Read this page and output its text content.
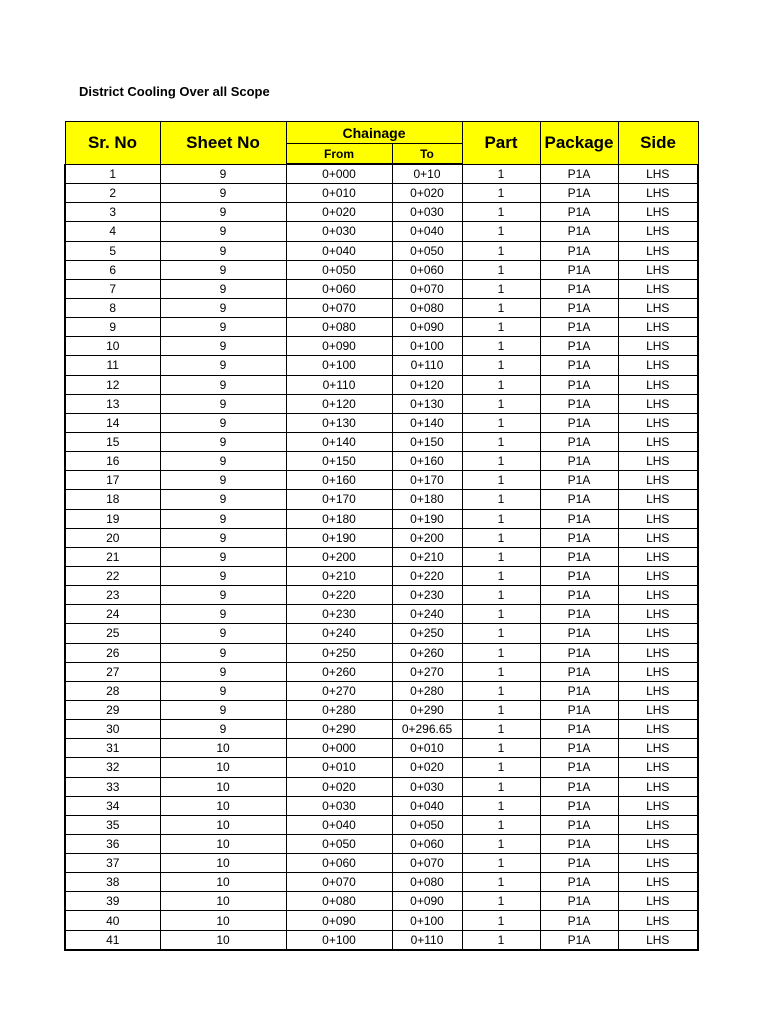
District Cooling Over all Scope
Sr. No	Sheet No	Chainage		Part	Package	Side
		From	To			
1	9	0+000	0+10	1	P1A	LHS
2	9	0+010	0+020	1	P1A	LHS
3	9	0+020	0+030	1	P1A	LHS
4	9	0+030	0+040	1	P1A	LHS
5	9	0+040	0+050	1	P1A	LHS
6	9	0+050	0+060	1	P1A	LHS
7	9	0+060	0+070	1	P1A	LHS
8	9	0+070	0+080	1	P1A	LHS
9	9	0+080	0+090	1	P1A	LHS
10	9	0+090	0+100	1	P1A	LHS
11	9	0+100	0+110	1	P1A	LHS
12	9	0+110	0+120	1	P1A	LHS
13	9	0+120	0+130	1	P1A	LHS
14	9	0+130	0+140	1	P1A	LHS
15	9	0+140	0+150	1	P1A	LHS
16	9	0+150	0+160	1	P1A	LHS
17	9	0+160	0+170	1	P1A	LHS
18	9	0+170	0+180	1	P1A	LHS
19	9	0+180	0+190	1	P1A	LHS
20	9	0+190	0+200	1	P1A	LHS
21	9	0+200	0+210	1	P1A	LHS
22	9	0+210	0+220	1	P1A	LHS
23	9	0+220	0+230	1	P1A	LHS
24	9	0+230	0+240	1	P1A	LHS
25	9	0+240	0+250	1	P1A	LHS
26	9	0+250	0+260	1	P1A	LHS
27	9	0+260	0+270	1	P1A	LHS
28	9	0+270	0+280	1	P1A	LHS
29	9	0+280	0+290	1	P1A	LHS
30	9	0+290	0+296.65	1	P1A	LHS
31	10	0+000	0+010	1	P1A	LHS
32	10	0+010	0+020	1	P1A	LHS
33	10	0+020	0+030	1	P1A	LHS
34	10	0+030	0+040	1	P1A	LHS
35	10	0+040	0+050	1	P1A	LHS
36	10	0+050	0+060	1	P1A	LHS
37	10	0+060	0+070	1	P1A	LHS
38	10	0+070	0+080	1	P1A	LHS
39	10	0+080	0+090	1	P1A	LHS
40	10	0+090	0+100	1	P1A	LHS
41	10	0+100	0+110	1	P1A	LHS
